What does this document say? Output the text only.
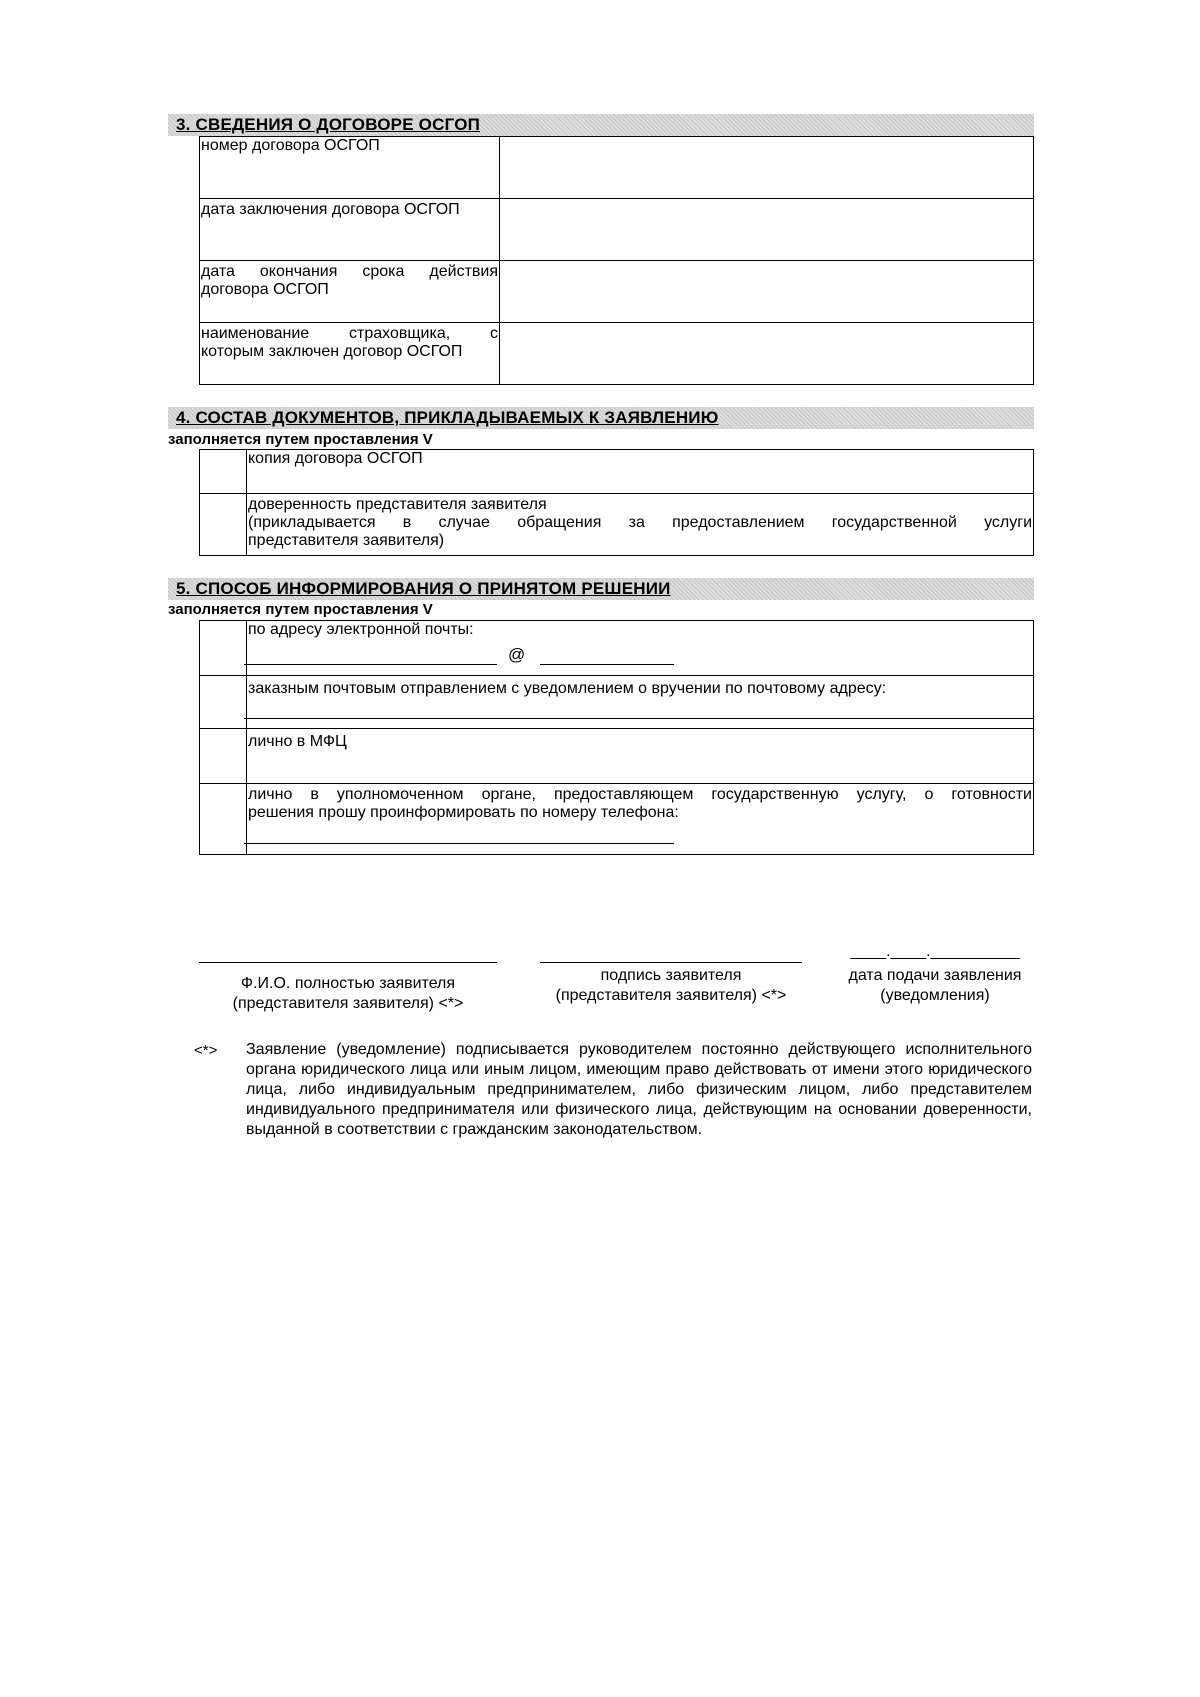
3. СВЕДЕНИЯ О ДОГОВОРЕ ОСГОП
номер договора ОСГОП	
дата заключения договора ОСГОП	

дата окончания срока действия
договора ОСГОП	

наименование страховщика, с
которым заключен договор ОСГОП	

4. СОСТАВ ДОКУМЕНТОВ, ПРИКЛАДЫВАЕМЫХ К ЗАЯВЛЕНИЮ
заполняется путем проставления V
	копия договора ОСГОП

	доверенность представителя заявителя
(прикладывается в случае обращения за предоставлением государственной услуги
представителя заявителя)
5. СПОСОБ ИНФОРМИРОВАНИЯ О ПРИНЯТОМ РЕШЕНИИ
заполняется путем проставления V

	по адресу электронной почты:

	заказным почтовым отправлением с уведомлением о вручении по почтовому адресу:

	лично в МФЦ

	лично в уполномоченном органе, предоставляющем государственную услугу, о готовности
решения прошу проинформировать по номеру телефона:
@
Ф.И.О. полностью заявителя
(представителя заявителя) <*>
подпись заявителя
(представителя заявителя) <*>
____.____.__________
дата подачи заявления
(уведомления)
<*> Заявление (уведомление) подписывается руководителем постоянно действующего исполнительного органа юридического лица или иным лицом, имеющим право действовать от имени этого юридического лица, либо индивидуальным предпринимателем, либо физическим лицом, либо представителем индивидуального предпринимателя или физического лица, действующим на основании доверенности, выданной в соответствии с гражданским законодательством.
